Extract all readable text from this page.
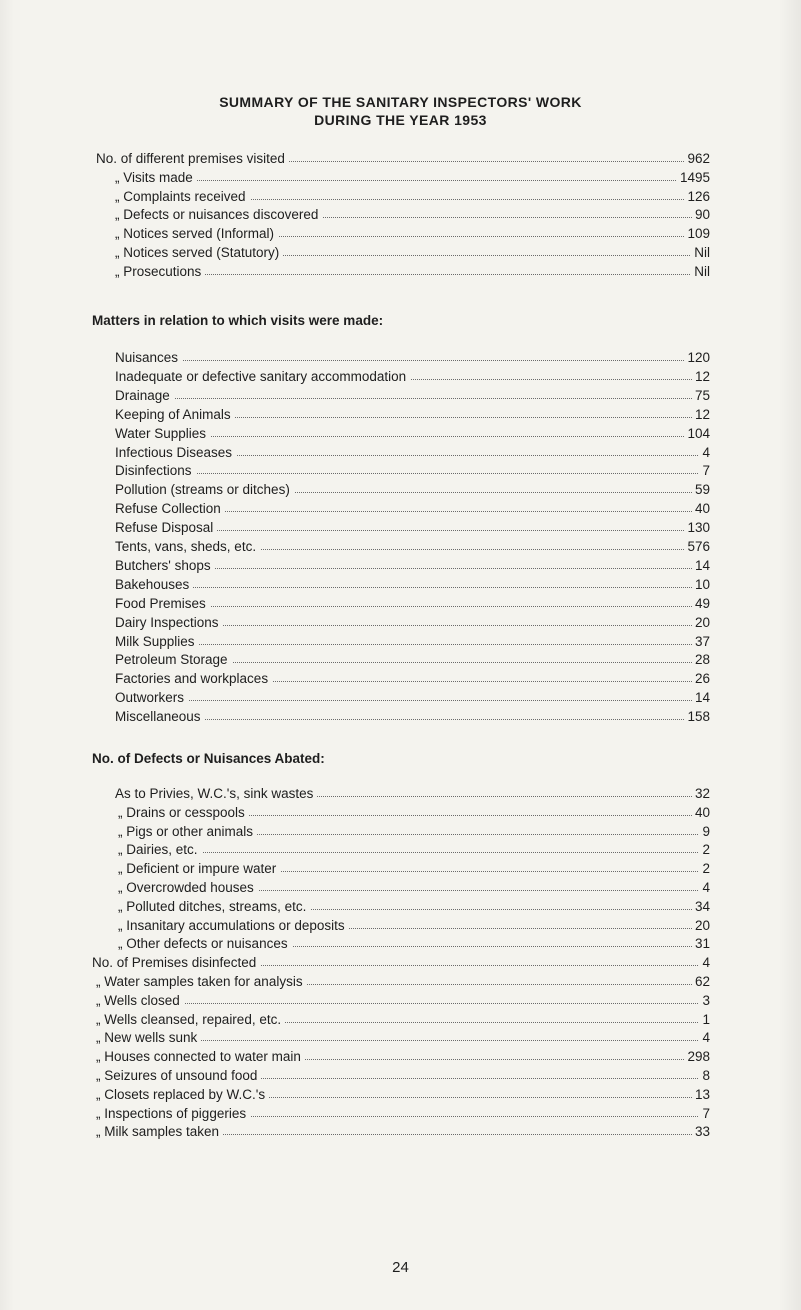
SUMMARY OF THE SANITARY INSPECTORS' WORK
DURING THE YEAR 1953
No. of different premises visited	962
„ Visits made	1495
„ Complaints received	126
„ Defects or nuisances discovered	90
„ Notices served (Informal)	109
„ Notices served (Statutory)	Nil
„ Prosecutions	Nil
Matters in relation to which visits were made:
Nuisances	120
Inadequate or defective sanitary accommodation	12
Drainage	75
Keeping of Animals	12
Water Supplies	104
Infectious Diseases	4
Disinfections	7
Pollution (streams or ditches)	59
Refuse Collection	40
Refuse Disposal	130
Tents, vans, sheds, etc.	576
Butchers' shops	14
Bakehouses	10
Food Premises	49
Dairy Inspections	20
Milk Supplies	37
Petroleum Storage	28
Factories and workplaces	26
Outworkers	14
Miscellaneous	158
No. of Defects or Nuisances Abated:
As to Privies, W.C.'s, sink wastes	32
„ Drains or cesspools	40
„ Pigs or other animals	9
„ Dairies, etc.	2
„ Deficient or impure water	2
„ Overcrowded houses	4
„ Polluted ditches, streams, etc.	34
„ Insanitary accumulations or deposits	20
„ Other defects or nuisances	31
No. of Premises disinfected	4
„ Water samples taken for analysis	62
„ Wells closed	3
„ Wells cleansed, repaired, etc.	1
„ New wells sunk	4
„ Houses connected to water main	298
„ Seizures of unsound food	8
„ Closets replaced by W.C.'s	13
„ Inspections of piggeries	7
„ Milk samples taken	33
24
